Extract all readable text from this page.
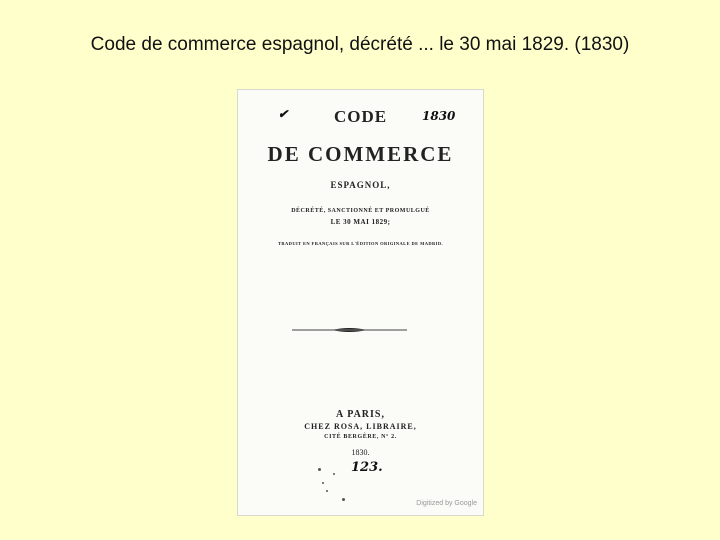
Code de commerce espagnol, décrété ... le 30 mai 1829. (1830)
✔	1830
CODE
DE COMMERCE
ESPAGNOL,
DÉCRÉTÉ, SANCTIONNÉ ET PROMULGUÉ
LE 30 MAI 1829;
TRADUIT EN FRANÇAIS SUR L'ÉDITION ORIGINALE DE MADRID.
A PARIS,
CHEZ ROSA, LIBRAIRE,
CITÉ BERGÈRE, N° 2.
1830.
123.
Digitized by Google
